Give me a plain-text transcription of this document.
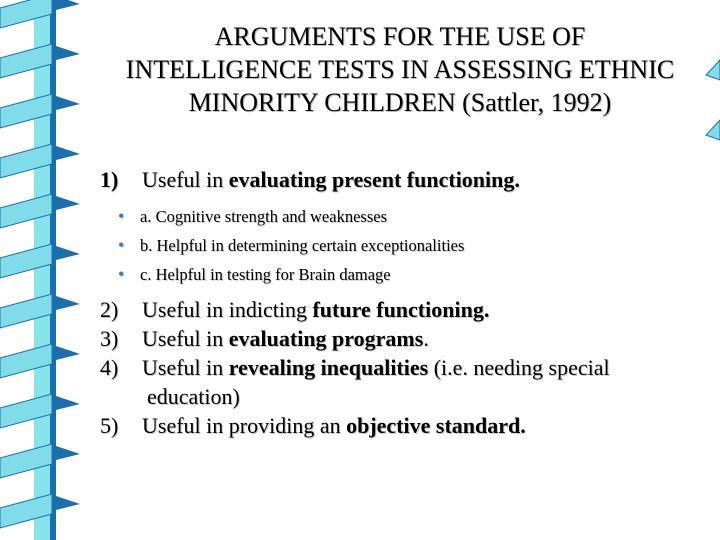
ARGUMENTS FOR THE USE OF
INTELLIGENCE TESTS IN ASSESSING ETHNIC
MINORITY CHILDREN (Sattler, 1992)
1) Useful in evaluating present functioning.
• a. Cognitive strength and weaknesses
• b. Helpful in determining certain exceptionalities
• c. Helpful in testing for Brain damage
2) Useful in indicting future functioning.
3) Useful in evaluating programs.
4) Useful in revealing inequalities (i.e. needing special
education)
5) Useful in providing an objective standard.
